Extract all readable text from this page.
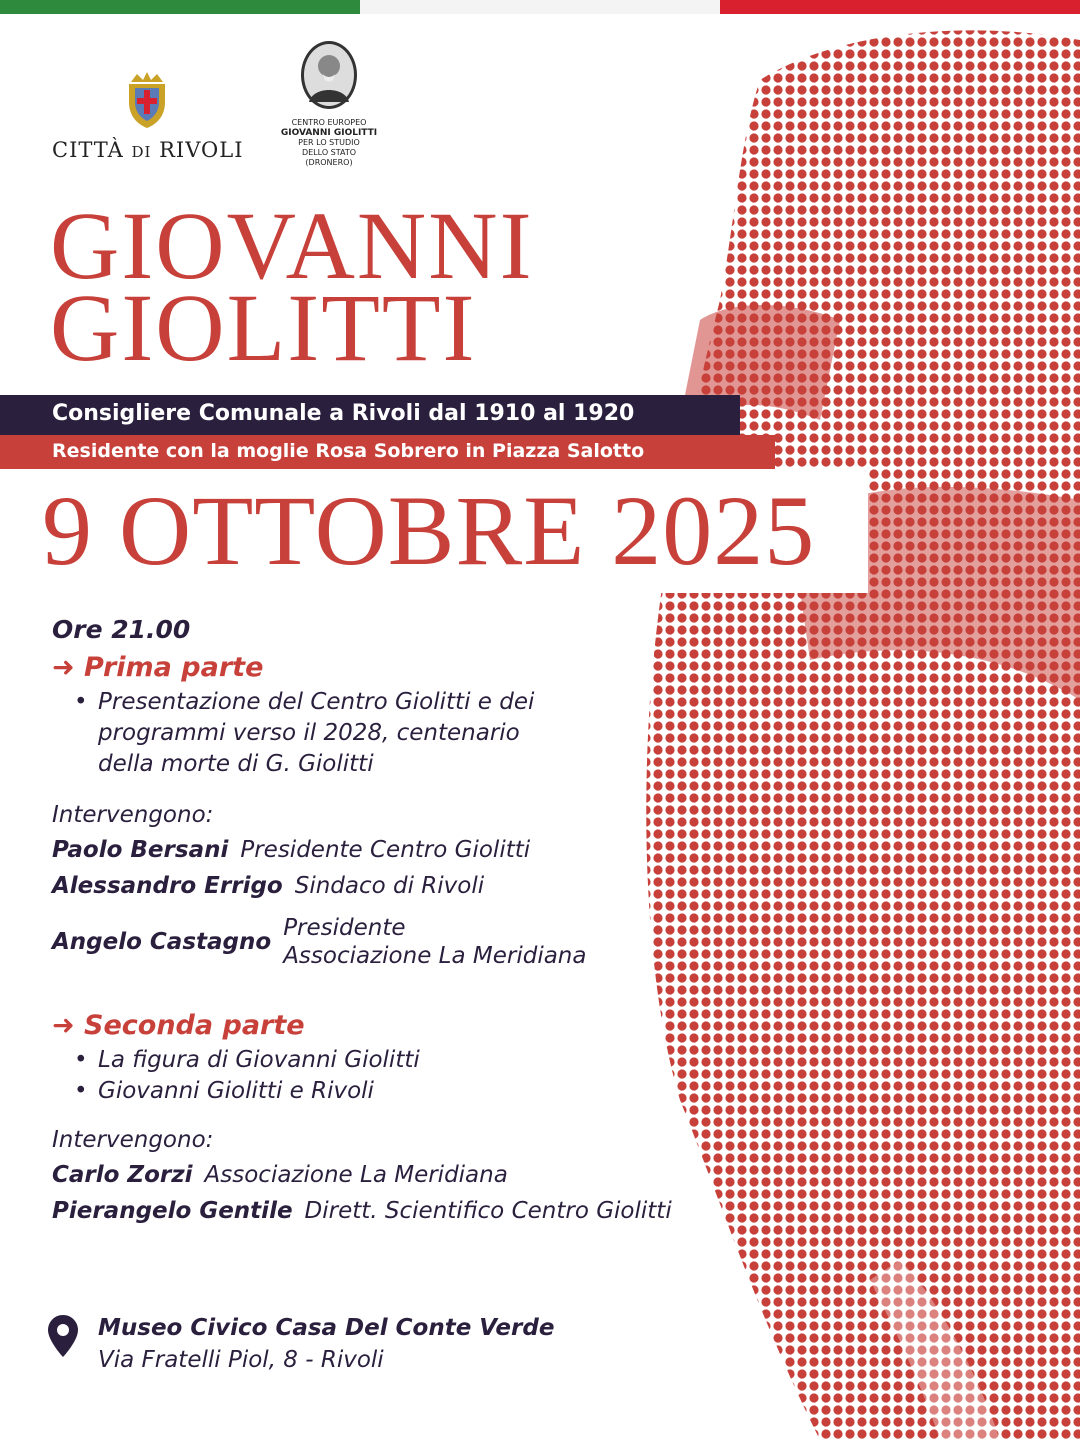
CITTÀ DI RIVOLI
CENTRO EUROPEO
GIOVANNI GIOLITTI
PER LO STUDIO
DELLO STATO
(DRONERO)
GIOVANNI
GIOLITTI
Consigliere Comunale a Rivoli dal 1910 al 1920
Residente con la moglie Rosa Sobrero in Piazza Salotto
9 OTTOBRE 2025
Ore 21.00
➜ Prima parte
• Presentazione del Centro Giolitti e dei
programmi verso il 2028, centenario
della morte di G. Giolitti
Intervengono:
Paolo Bersani Presidente Centro Giolitti
Alessandro Errigo Sindaco di Rivoli
Angelo Castagno
Presidente
Associazione La Meridiana
➜ Seconda parte
• La figura di Giovanni Giolitti
• Giovanni Giolitti e Rivoli
Intervengono:
Carlo Zorzi Associazione La Meridiana
Pierangelo Gentile Dirett. Scientifico Centro Giolitti
Museo Civico Casa Del Conte Verde
Via Fratelli Piol, 8 - Rivoli
